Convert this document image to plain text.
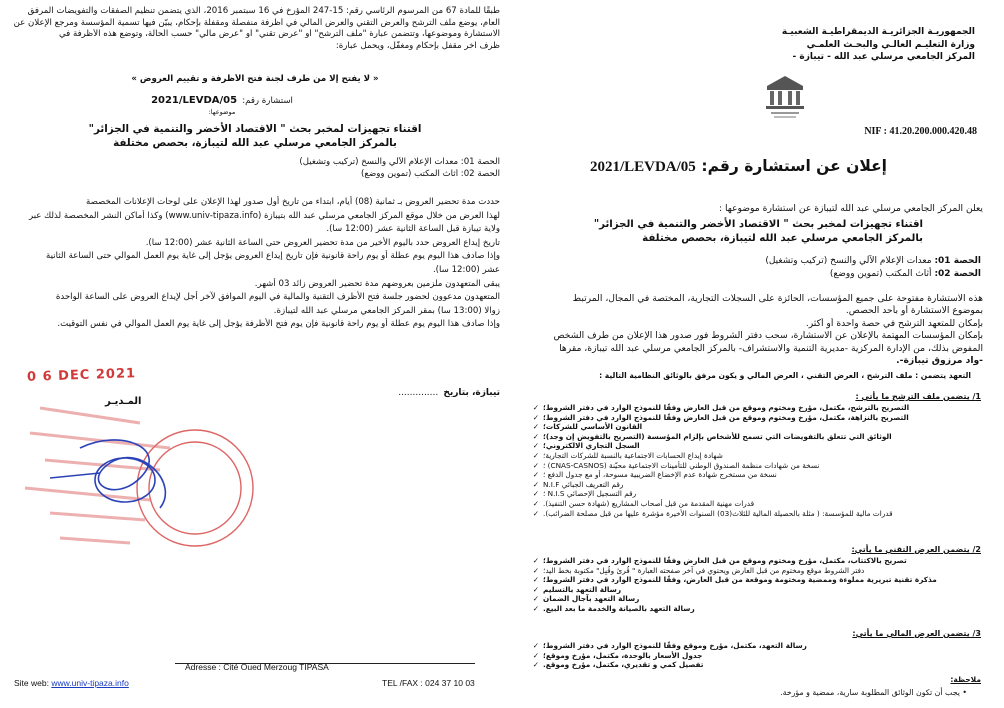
طبقًا للمادة 67 من المرسوم الرئاسي رقم: 15-247 المؤرخ في 16 سبتمبر 2016، الذي يتضمن تنظيم الصفقات والتفويضات المرفق

العام، يوضع ملف الترشح والعرض التقني والعرض المالي في أظرفة منفصلة ومقفلة بإحكام، يبيّن فيها تسمية المؤسسة ومرجع الإعلان عن

الاستشارة وموضوعها، وتتضمن عبارة "ملف الترشح" أو "عرض تقني" أو "عرض مالي" حسب الحالة، وتوضع هذه الأظرفة في

ظرف آخر مقفل بإحكام ومغفّل، ويحمل عبارة:

« لا يفتح إلا من طرف لجنة فتح الأظرفة و تقييم العروض »

استشارة رقم: 2021/LEVDA/05
موضوعها:

اقتناء تجهيزات لمخبر بحث " الاقتصاد الأخضر والتنمية في الجزائر"

بالمركز الجامعي مرسلي عبد الله لتيبازة، بحصص مختلفة

الحصة 01: معدات الإعلام الآلي والنسخ (تركيب وتشغيل)

الحصة 02: أثاث المكتب (تموين ووضع)

حددت مدة تحضير العروض بـ ثمانية (08) أيام، ابتداء من تاريخ أول صدور لهذا الإعلان على لوحات الإعلانات المخصصة

لهذا العرض من خلال موقع المركز الجامعي مرسلي عبد الله بتيبازة (www.univ-tipaza.info) وكذا أماكن النشر المخصصة لذلك عبر

ولاية تيبازة قبل الساعة الثانية عشر (12:00 سا).

تاريخ إيداع العروض حدد باليوم الأخير من مدة تحضير العروض حتى الساعة الثانية عشر (12:00 سا).

وإذا صادف هذا اليوم يوم عطلة أو يوم راحة قانونية فإن تاريخ إيداع العروض يؤجل إلى غاية يوم العمل الموالي حتى الساعة الثانية

عشر (12:00 سا).

يبقى المتعهدون ملزمين بعروضهم مدة تحضير العروض زائد 03 أشهر.

المتعهدون مدعوون لحضور جلسة فتح الأظرف التقنية والمالية في اليوم الموافق لآخر أجل لإيداع العروض على الساعة الواحدة

زوالا (13:00 سا) بمقر المركز الجامعي مرسلي عبد الله لتيبازة.

وإذا صادف هذا اليوم يوم عطلة أو يوم راحة قانونية فإن يوم فتح الأظرفة يؤجل إلى غاية يوم العمل الموالي في نفس التوقيت.

تيبازة، بتاريخ ..............
0 6 DEC 2021
المـديـر

Adresse : Cité Oued Merzoug TIPASA

Site web: www.univ-tipaza.info	TEL /FAX : 024 37 10 03

الجمهوريـة الجزائريـة الديمقراطيـة الشعبيـة

وزارة التعليـم العالـي والبحـث العلمـي

المركز الجامعي مرسلي عبد الله - تيبازة -

NIF : 41.20.200.000.420.48

إعلان عن استشارة رقم: 2021/LEVDA/05

يعلن المركز الجامعي مرسلي عبد الله لتيبازة عن استشارة موضوعها :

اقتناء تجهيزات لمخبر بحث " الاقتصاد الأخضر والتنمية في الجزائر"

بالمركز الجامعي مرسلي عبد الله لتيبازة، بحصص مختلفة

الحصة 01: معدات الإعلام الآلي والنسخ (تركيب وتشغيل)

الحصة 02: أثاث المكتب (تموين ووضع)

هذه الاستشارة مفتوحة على جميع المؤسسات، الحائزة على السجلات التجارية، المختصة في المجال، المرتبط

بموضوع الاستشارة أو بأحد الحصص.

بإمكان للمتعهد الترشح في حصة واحدة أو أكثر.

بإمكان المؤسسات المهتمة بالإعلان عن الاستشارة، سحب دفتر الشروط فور صدور هذا الإعلان من طرف الشخص

المفوض بذلك، من الإدارة المركزية -مديرية التنمية والاستشراف- بالمركز الجامعي مرسلي عبد الله تيبازة، مقرها

-واد مرزوق تيبازة-.

التعهد يتضمن : ملف الترشح ، العرض التقني ، العرض المالي و يكون مرفق بالوثائق النظامية التالية :

1/ يتضمن ملف الترشح ما يأتي :

✓ التصريح بالترشح، مكتمل، مؤرخ ومختوم وموقع من قبل العارض وفقًا للنموذج الوارد في دفتر الشروط؛
✓ التصريح بالنزاهة، مكتمل، مؤرخ ومختوم وموقع من قبل العارض وفقًا للنموذج الوارد في دفتر الشروط؛
✓ القانون الأساسي للشركات؛
✓ الوثائق التي تتعلق بالتفويضات التي تسمح للأشخاص بإلزام المؤسسة (التصريح بالتفويض إن وجد)؛
✓ السجل التجاري الالكتروني؛
✓ شهادة إيداع الحسابات الاجتماعية بالنسبة للشركات التجارية؛
✓ نسخة من شهادات منظمة الصندوق الوطني للتأمينات الاجتماعية محيّنة (CNAS-CASNOS) ؛
✓ نسخة من مستخرج شهادة عدم الإخضاع الضريبية مسوحة، أو مع جدول الدفع ؛
✓ رقم التعريف الجبائي N.I.F
✓ رقم التسجيل الإحصائي N.I.S ؛
✓ قدرات مهنية المقدمة من قبل أصحاب المشاريع (شهادة حسن التنفيذ).
✓ قدرات مالية للمؤسسة: ( مثلة بالحصيلة المالية للثلاث(03) السنوات الأخيرة مؤشرة عليها من قبل مصلحة الضرائب).

2/ يتضمن العرض التقني ما يأتي:

✓ تصريح بالاكتتاب، مكتمل، مؤرخ ومختوم وموقع من قبل العارض وفقًا للنموذج الوارد في دفتر الشروط؛
✓ دفتر الشروط موقع ومختوم من قبل العارض ويحتوي في آخر صفحته العبارة " قُرِئ وقُبِل" مكتوبة بخط اليد؛
✓ مذكرة تقنية تبريرية مملوءة وممضية ومختومة وموقعة من قبل العارض، وفقًا للنموذج الوارد في دفتر الشروط؛
✓ رسالة التعهد بالتسليم
✓ رسالة التعهد بآجال الضمان
✓ رسالة التعهد بالصيانة والخدمة ما بعد البيع.

3/ يتضمن العرض المالي ما يأتي:

✓ رسالة التعهد، مكتمل، مؤرخ وموقع وفقًا للنموذج الوارد في دفتر الشروط؛
✓ جدول الأسعار بالوحدة، مكتمل، مؤرخ وموقع؛
✓ تفصيل كمي و تقديري، مكتمل، مؤرخ وموقع.

ملاحظة:

• يجب أن تكون الوثائق المطلوبة سارية، ممضية و مؤرخة.
